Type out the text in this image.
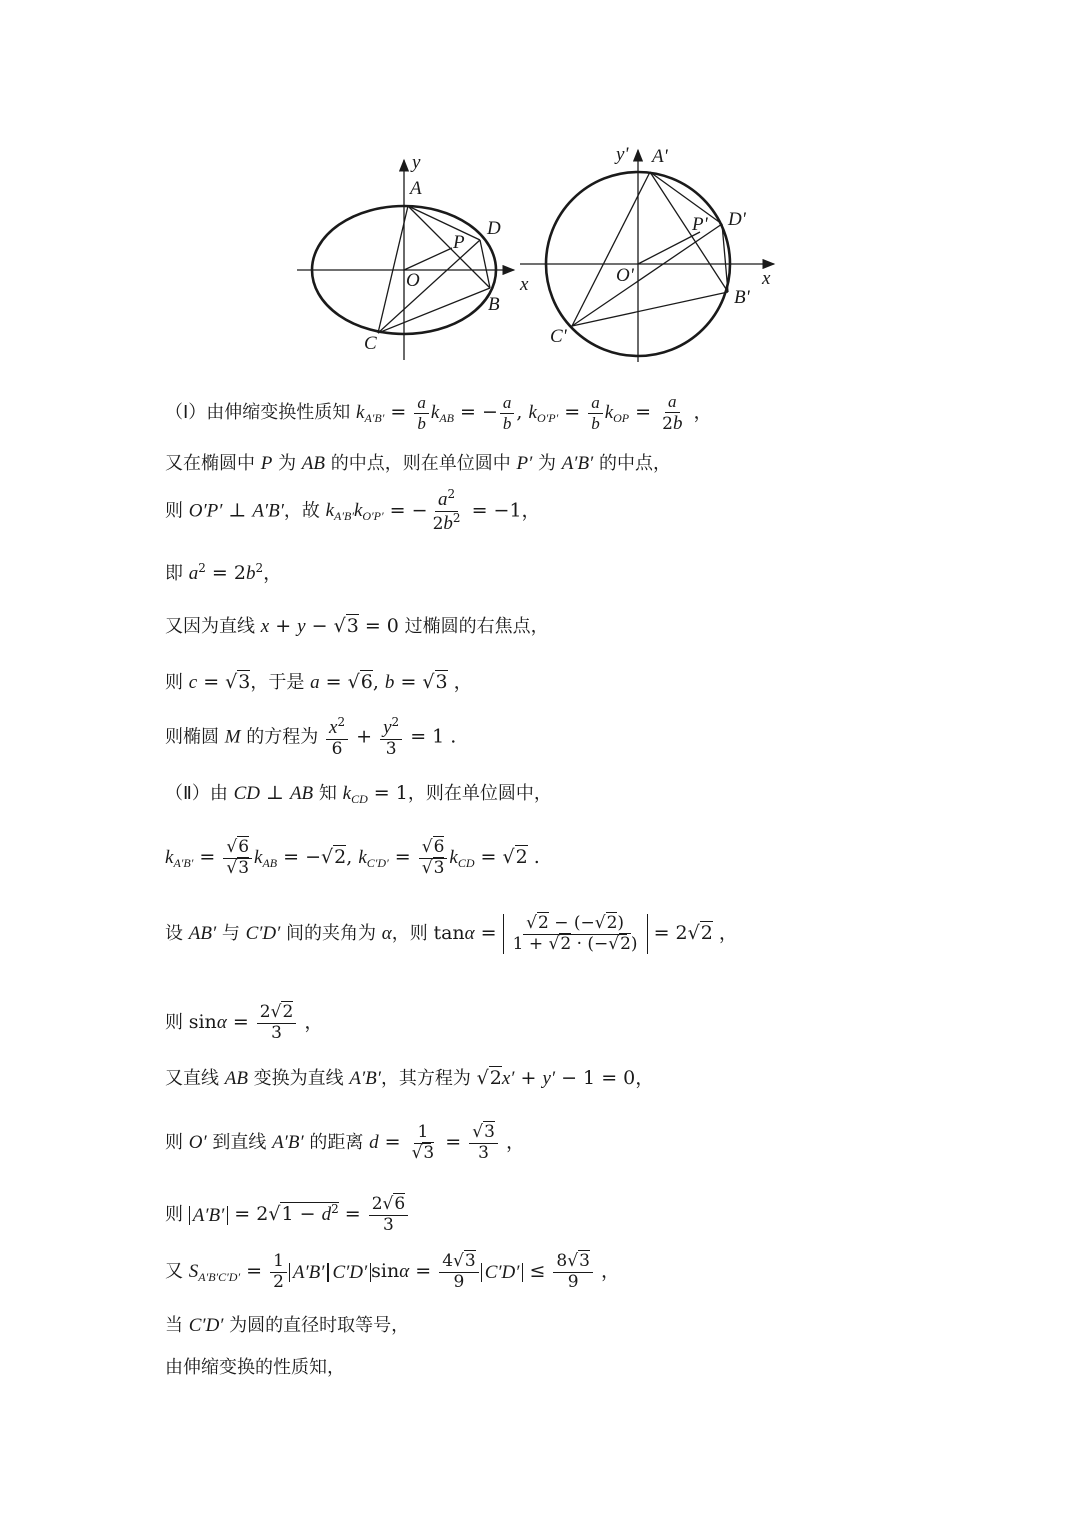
y
x
O
A
B
C
D
P
y'
x
O'
A'
B'
C'
D'
P'
（Ⅰ）由伸缩变换性质知 $k_{A'B'} = \frac{a}{b} k_{AB}$ = − $\frac{a}{b}$ , $k_{O'P'} = \frac{a}{b} k_{OP} = \frac{a}{2b}$ ，
又在椭圆中 P 为 AB 的中点，则在单位圆中 P′ 为 A′B′ 的中点，
则 O′P′ ⊥ A′B′，故 $k_{A'B'}k_{O'P'}$ = − $\frac{a^2}{2b^2} = -1$，
即 $a^2 = 2b^2$，
又因为直线 x + y − √3 = 0 过椭圆的右焦点，
则 c = √3，于是 a = √6, b = √3 ，
则椭圆 M 的方程为 $\frac{x^2}{6} + \frac{y^2}{3} = 1$ .
（Ⅱ）由 CD ⊥ AB 知 $k_{CD} = 1$，则在单位圆中，
$k_{A'B'} = \frac{√6}{√3} k_{AB} = -√2$, $k_{C'D'} = \frac{√6}{√3} k_{CD} = √2$ .
设 AB′ 与 C′D′ 间的夹角为 α，则 $\tan\alpha = \frac{√2 - (-√2)}{1 + √2 \cdot (-√2)} = 2√2$ ，
则 $\sin\alpha = \frac{2√2}{3}$ ，
又直线 AB 变换为直线 A′B′，其方程为 √2x′ + y′ − 1 = 0，
则 O′ 到直线 A′B′ 的距离 $d = \frac{1}{√3} = \frac{√3}{3}$ ，
则 $A'B' = 2√1 - d^2 = \frac{2√6}{3}$
又 $S_{A'B'C'D'} = \frac{1}{2} A'B'$ C′D′ $\sin\alpha = \frac{4√3}{9} C'D' \le \frac{8√3}{9}$ ，
当 C′D′ 为圆的直径时取等号，
由伸缩变换的性质知，
